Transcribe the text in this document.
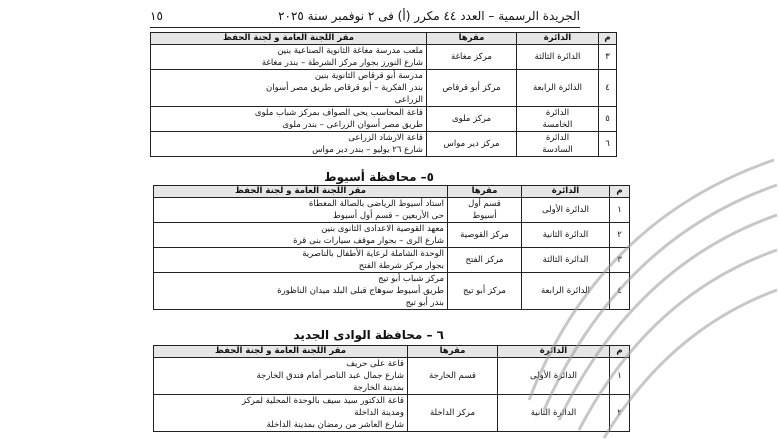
الجريدة الرسمية – العدد ٤٤ مكرر (أ) فى ٢ نوفمبر سنة ٢٠٢٥
١٥
م	الدائرة	مقرها	مقر اللجنة العامة و لجنة الحفظ
٣	الدائرة الثالثة	مركز مغاغة	ملعب مدرسة مغاغة الثانوية الصناعية بنين
شارع النورز بجوار مركز الشرطة – بندر مغاغة

٤	الدائرة الرابعة	مركز أبو قرقاص	مدرسة أبو قرقاص الثانوية بنين
بندر الفكرية – أبو قرقاص طريق مصر أسوان
الزراعى

٥	الدائرة
الخامسة	مركز ملوى	قاعة المحاسب يحى الصواف بمركز شباب ملوى
طريق مصر أسوان الزراعى – بندر ملوى

٦	الدائرة
السادسة	مركز دير مواس	قاعة الارشاد الزراعى
شارع ٢٦ يوليو – بندر دير مواس
٥– محافظة أسيوط
م	الدائرة	مقرها	مقر اللجنة العامة و لجنة الحفظ
١	الدائرة الأولى	قسم أول
أسيوط	استاد أسيوط الرياضى بالصالة المغطاة
حى الأربعين – قسم أول أسيوط

٢	الدائرة الثانية	مركز القوصية	معهد القوصية الاعدادى الثانوى بنين
شارع الرى – بجوار موقف سيارات بنى قرة

٣	الدائرة الثالثة	مركز الفتح	الوحدة الشاملة لرعاية الأطفال بالناصرية
بجوار مركز شرطة الفتح

٤	الدائرة الرابعة	مركز أبو تيج	مركز شباب أبو تيج
طريق أسيوط سوهاج قبلى البلد ميدان الناظورة
بندر أبو تيج
٦ – محافظة الوادى الجديد
م	الدائرة	مقرها	مقر اللجنة العامة و لجنة الحفظ
١	الدائرة الأولى	قسم الخارجة	قاعة على حريف
شارع جمال عبد الناصر أمام فندق الخارجة
بمدينة الخارجة

٢	الدائرة الثانية	مركز الداخلة	قاعة الدكتور سيد سيف بالوحدة المحلية لمركز
ومدينة الداخلة
شارع العاشر من رمضان بمدينة الداخلة
